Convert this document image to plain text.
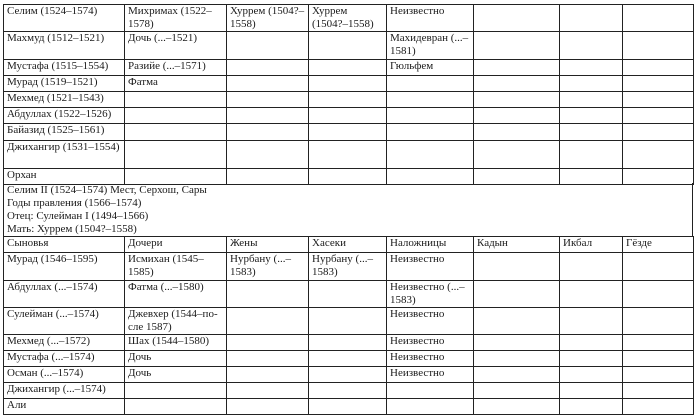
Селим (1524–1574)	Михримах (1522–1578)	Хуррем (1504?–1558)	Хуррем (1504?–1558)	Неизвестно			
Махмуд (1512–1521)	Дочь (...–1521)			Махидевран (...–1581)			
Мустафа (1515–1554)	Разийе (...–1571)			Гюльфем			
Мурад (1519–1521)	Фатма						
Мехмед (1521–1543)							
Абдуллах (1522–1526)							
Байазид (1525–1561)							
Джихангир (1531–1554)							
Орхан							
Селим II (1524–1574) Мест, Серхош, Сары
Годы правления (1566–1574)
Отец: Сулейман I (1494–1566)
Мать: Хуррем (1504?–1558)
Сыновья	Дочери	Жены	Хасеки	Наложницы	Кадын	Икбал	Гёзде
Мурад (1546–1595)	Исмихан (1545–1585)	Нурбану (...–1583)	Нурбану (...–1583)	Неизвестно			
Абдуллах (...–1574)	Фатма (...–1580)			Неизвестно (...–1583)			
Сулейман (...–1574)	Джевхер (1544–по-сле 1587)			Неизвестно			
Мехмед (...–1572)	Шах (1544–1580)			Неизвестно			
Мустафа (...–1574)	Дочь			Неизвестно			
Осман (...–1574)	Дочь			Неизвестно			
Джихангир (...–1574)							
Али							
